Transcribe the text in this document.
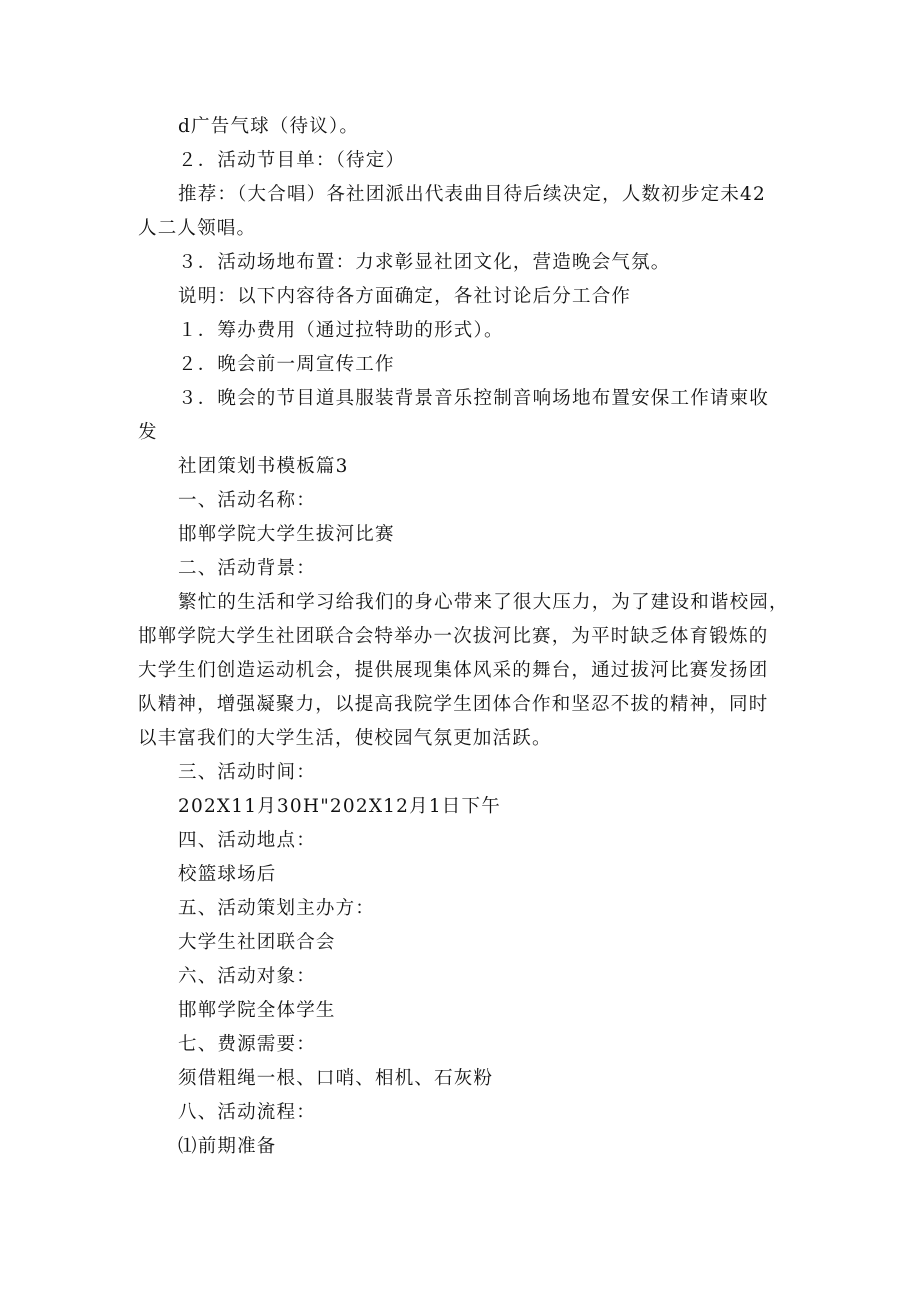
d广告气球（待议）。
２．活动节目单：（待定）
推荐：（大合唱）各社团派出代表曲目待后续决定，人数初步定未42
人二人领唱。
３．活动场地布置：力求彰显社团文化，营造晚会气氛。
说明：以下内容待各方面确定，各社讨论后分工合作
１．筹办费用（通过拉特助的形式）。
２．晚会前一周宣传工作
３．晚会的节目道具服装背景音乐控制音响场地布置安保工作请柬收
发
社团策划书模板篇3
一、活动名称：
邯郸学院大学生拔河比赛
二、活动背景：
繁忙的生活和学习给我们的身心带来了很大压力，为了建设和谐校园，
邯郸学院大学生社团联合会特举办一次拔河比赛，为平时缺乏体育锻炼的
大学生们创造运动机会，提供展现集体风采的舞台，通过拔河比赛发扬团
队精神，增强凝聚力，以提高我院学生团体合作和坚忍不拔的精神，同时
以丰富我们的大学生活，使校园气氛更加活跃。
三、活动时间：
202X11月30H"202X12月1日下午
四、活动地点：
校篮球场后
五、活动策划主办方：
大学生社团联合会
六、活动对象：
邯郸学院全体学生
七、费源需要：
须借粗绳一根、口哨、相机、石灰粉
八、活动流程：
⑴前期准备
